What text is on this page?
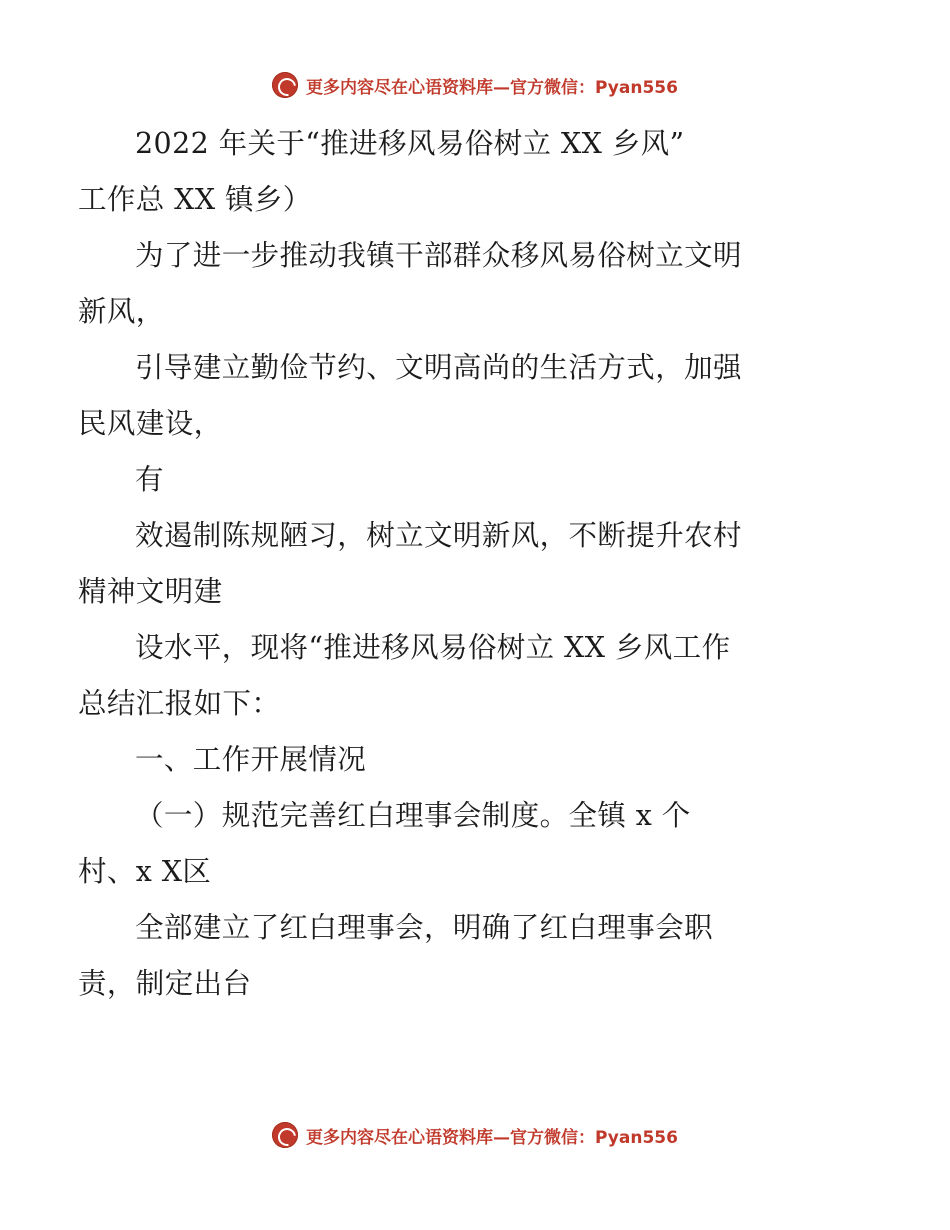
更多内容尽在心语资料库—官方微信：Pyan556

2022 年关于“推进移风易俗树立 XX 乡风”

工作总 XX 镇乡）

为了进一步推动我镇干部群众移风易俗树立文明

新风，

引导建立勤俭节约、文明高尚的生活方式，加强

民风建设，

有

效遏制陈规陋习，树立文明新风，不断提升农村

精神文明建

设水平，现将“推进移风易俗树立 XX 乡风工作

总结汇报如下：

一、工作开展情况

（一）规范完善红白理事会制度。全镇 x 个

村、x X区

全部建立了红白理事会，明确了红白理事会职

责，制定出台

更多内容尽在心语资料库—官方微信：Pyan556
